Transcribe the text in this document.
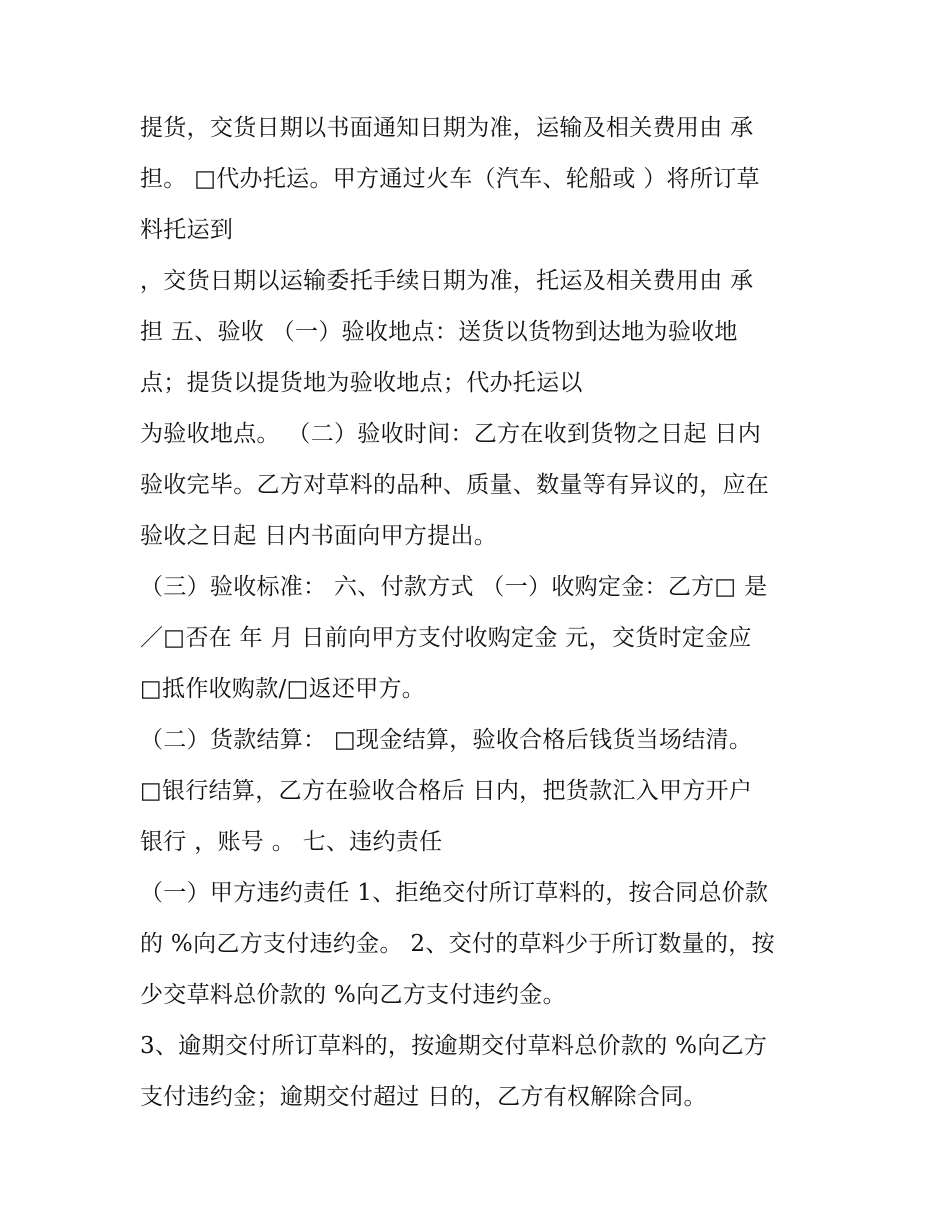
提货，交货日期以书面通知日期为准，运输及相关费用由 承
担。 □代办托运。甲方通过火车（汽车、轮船或 ）将所订草
料托运到
，交货日期以运输委托手续日期为准，托运及相关费用由 承
担 五、验收 （一）验收地点：送货以货物到达地为验收地
点；提货以提货地为验收地点；代办托运以
为验收地点。 （二）验收时间：乙方在收到货物之日起 日内
验收完毕。乙方对草料的品种、质量、数量等有异议的，应在
验收之日起 日内书面向甲方提出。
（三）验收标准： 六、付款方式 （一）收购定金：乙方□ 是
／□否在 年 月 日前向甲方支付收购定金 元，交货时定金应
□抵作收购款/□返还甲方。
（二）货款结算： □现金结算，验收合格后钱货当场结清。
□银行结算，乙方在验收合格后 日内，把货款汇入甲方开户
银行 ，账号 。 七、违约责任
（一）甲方违约责任 1、拒绝交付所订草料的，按合同总价款
的 %向乙方支付违约金。 2、交付的草料少于所订数量的，按
少交草料总价款的 %向乙方支付违约金。
3、逾期交付所订草料的，按逾期交付草料总价款的 %向乙方
支付违约金；逾期交付超过 日的，乙方有权解除合同。
